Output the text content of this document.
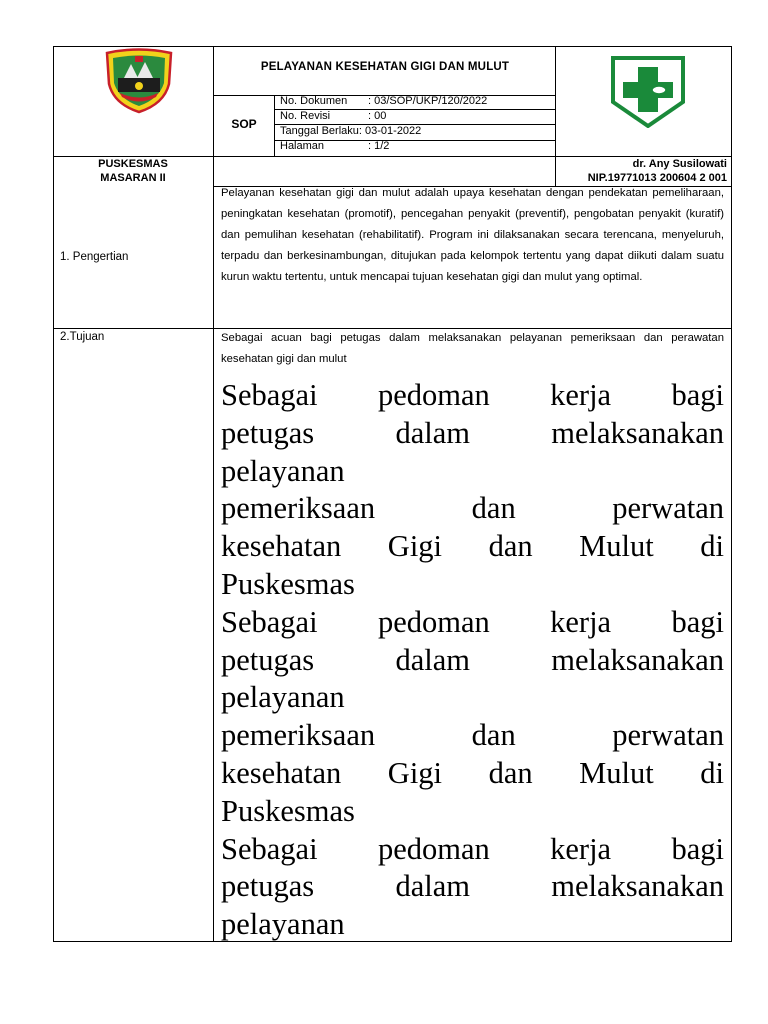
PELAYANAN KESEHATAN GIGI DAN MULUT
SOP
No. Dokumen : 03/SOP/UKP/120/2022
No. Revisi	: 00
Tanggal Berlaku: 03-01-2022
Halaman	: 1/2
PUSKESMAS
MASARAN II
dr. Any Susilowati
NIP.19771013 200604 2 001
1. Pengertian

Pelayanan kesehatan gigi dan mulut adalah upaya kesehatan dengan pendekatan pemeliharaan, peningkatan kesehatan (promotif), pencegahan penyakit (preventif), pengobatan penyakit (kuratif) dan pemulihan kesehatan (rehabilitatif). Program ini dilaksanakan secara terencana, menyeluruh, terpadu dan berkesinambungan, ditujukan pada kelompok tertentu yang dapat diikuti dalam suatu kurun waktu tertentu, untuk mencapai tujuan kesehatan gigi dan mulut yang optimal.

2.Tujuan	Sebagai acuan bagi petugas dalam melaksanakan pelayanan pemeriksaan dan perawatan kesehatan gigi dan mulut

Sebagai pedoman kerja bagi

petugas dalam melaksanakan

pelayanan

pemeriksaan dan perwatan

kesehatan Gigi dan Mulut di

Puskesmas

Sebagai pedoman kerja bagi

petugas dalam melaksanakan

pelayanan

pemeriksaan dan perwatan

kesehatan Gigi dan Mulut di

Puskesmas

Sebagai pedoman kerja bagi

petugas dalam melaksanakan

pelayanan
